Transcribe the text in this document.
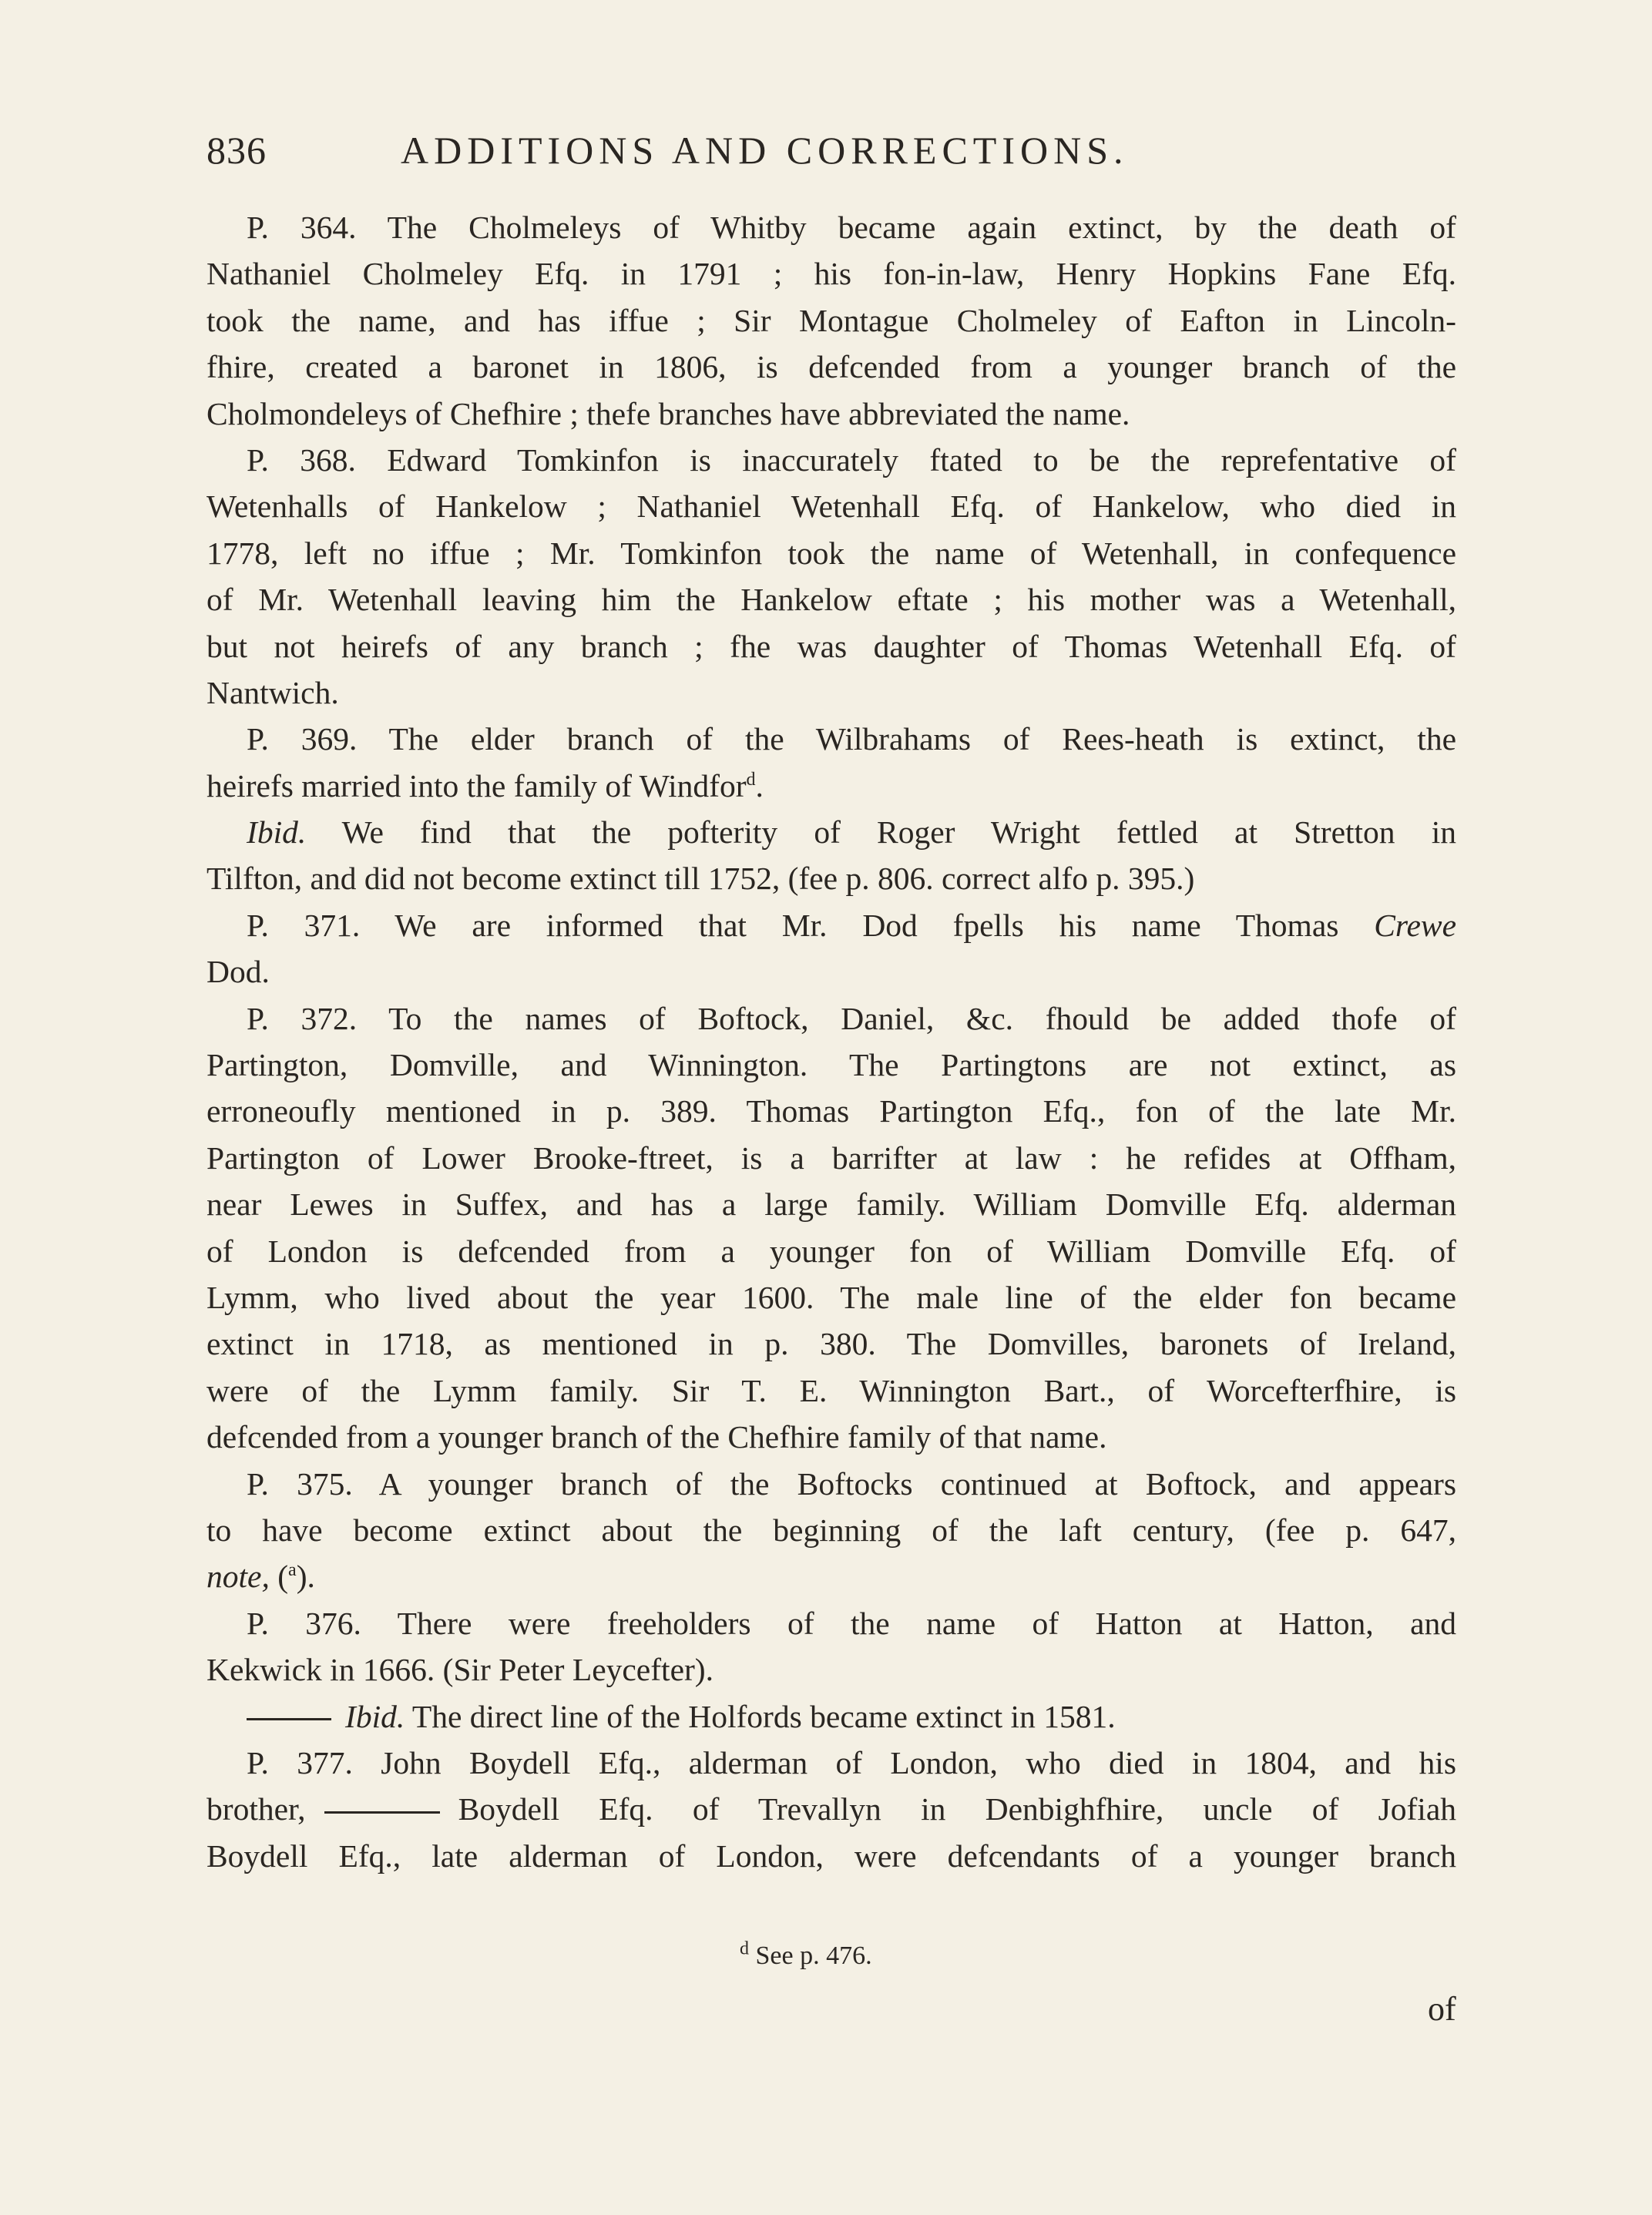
836	ADDITIONS AND CORRECTIONS.
P. 364. The Cholmeleys of Whitby became again extinct, by the death of
Nathaniel Cholmeley Efq. in 1791 ; his fon-in-law, Henry Hopkins Fane Efq.
took the name, and has iffue ; Sir Montague Cholmeley of Eafton in Lincoln-
fhire, created a baronet in 1806, is defcended from a younger branch of the
Cholmondeleys of Chefhire ; thefe branches have abbreviated the name.
P. 368. Edward Tomkinfon is inaccurately ftated to be the reprefentative of
Wetenhalls of Hankelow ; Nathaniel Wetenhall Efq. of Hankelow, who died in
1778, left no iffue ; Mr. Tomkinfon took the name of Wetenhall, in confequence
of Mr. Wetenhall leaving him the Hankelow eftate ; his mother was a Wetenhall,
but not heirefs of any branch ; fhe was daughter of Thomas Wetenhall Efq. of
Nantwich.
P. 369. The elder branch of the Wilbrahams of Rees-heath is extinct, the
heirefs married into the family of Windfor$^d$.
Ibid. We find that the pofterity of Roger Wright fettled at Stretton in
Tilfton, and did not become extinct till 1752, (fee p. 806. correct alfo p. 395.)
P. 371. We are informed that Mr. Dod fpells his name Thomas Crewe
Dod.
P. 372. To the names of Boftock, Daniel, &c. fhould be added thofe of
Partington, Domville, and Winnington. The Partingtons are not extinct, as
erroneoufly mentioned in p. 389. Thomas Partington Efq., fon of the late Mr.
Partington of Lower Brooke-ftreet, is a barrifter at law : he refides at Offham,
near Lewes in Suffex, and has a large family. William Domville Efq. alderman
of London is defcended from a younger fon of William Domville Efq. of
Lymm, who lived about the year 1600. The male line of the elder fon became
extinct in 1718, as mentioned in p. 380. The Domvilles, baronets of Ireland,
were of the Lymm family. Sir T. E. Winnington Bart., of Worcefterfhire, is
defcended from a younger branch of the Chefhire family of that name.
P. 375. A younger branch of the Boftocks continued at Boftock, and appears
to have become extinct about the beginning of the laft century, (fee p. 647,
note, ($^a$).
P. 376. There were freeholders of the name of Hatton at Hatton, and
Kekwick in 1666. (Sir Peter Leycefter).
Ibid. The direct line of the Holfords became extinct in 1581.
P. 377. John Boydell Efq., alderman of London, who died in 1804, and his
brother,	Boydell Efq. of Trevallyn in Denbighfhire, uncle of Jofiah
Boydell Efq., late alderman of London, were defcendants of a younger branch
$^d$ See p. 476.
of
